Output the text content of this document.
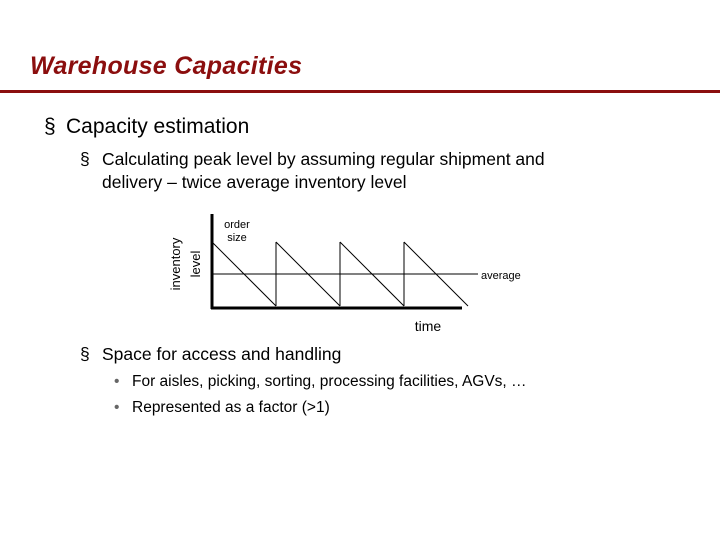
Warehouse Capacities
§ Capacity estimation
§ Calculating peak level by assuming regular shipment and
delivery – twice average inventory level
inventory level
order
size
average
time
§ Space for access and handling
• For aisles, picking, sorting, processing facilities, AGVs, …
• Represented as a factor (>1)
